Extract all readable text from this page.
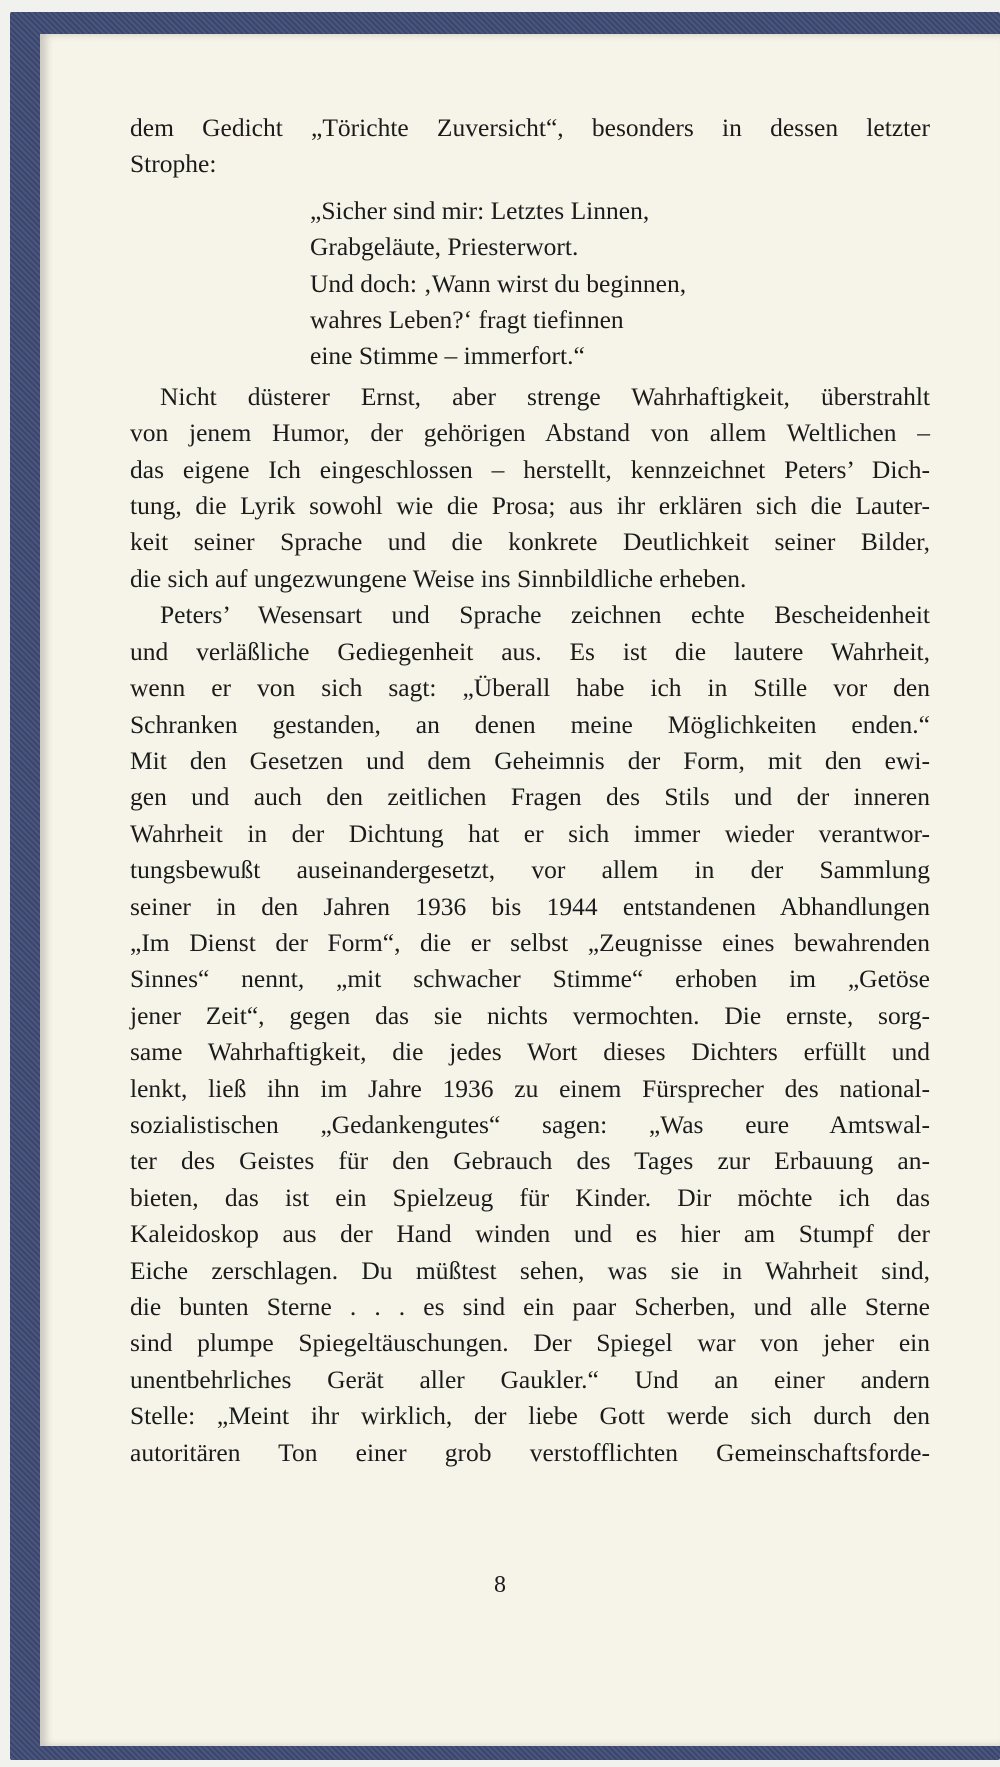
dem Gedicht „Törichte Zuversicht“, besonders in dessen letzter
Strophe:
„Sicher sind mir: Letztes Linnen,
Grabgeläute, Priesterwort.
Und doch: ‚Wann wirst du beginnen,
wahres Leben?‘ fragt tiefinnen
eine Stimme – immerfort.“
Nicht düsterer Ernst, aber strenge Wahrhaftigkeit, überstrahlt
von jenem Humor, der gehörigen Abstand von allem Weltlichen –
das eigene Ich eingeschlossen – herstellt, kennzeichnet Peters’ Dich-
tung, die Lyrik sowohl wie die Prosa; aus ihr erklären sich die Lauter-
keit seiner Sprache und die konkrete Deutlichkeit seiner Bilder,
die sich auf ungezwungene Weise ins Sinnbildliche erheben.
Peters’ Wesensart und Sprache zeichnen echte Bescheidenheit
und verläßliche Gediegenheit aus. Es ist die lautere Wahrheit,
wenn er von sich sagt: „Überall habe ich in Stille vor den
Schranken gestanden, an denen meine Möglichkeiten enden.“
Mit den Gesetzen und dem Geheimnis der Form, mit den ewi-
gen und auch den zeitlichen Fragen des Stils und der inneren
Wahrheit in der Dichtung hat er sich immer wieder verantwor-
tungsbewußt auseinandergesetzt, vor allem in der Sammlung
seiner in den Jahren 1936 bis 1944 entstandenen Abhandlungen
„Im Dienst der Form“, die er selbst „Zeugnisse eines bewahrenden
Sinnes“ nennt, „mit schwacher Stimme“ erhoben im „Getöse
jener Zeit“, gegen das sie nichts vermochten. Die ernste, sorg-
same Wahrhaftigkeit, die jedes Wort dieses Dichters erfüllt und
lenkt, ließ ihn im Jahre 1936 zu einem Fürsprecher des national-
sozialistischen „Gedankengutes“ sagen: „Was eure Amtswal-
ter des Geistes für den Gebrauch des Tages zur Erbauung an-
bieten, das ist ein Spielzeug für Kinder. Dir möchte ich das
Kaleidoskop aus der Hand winden und es hier am Stumpf der
Eiche zerschlagen. Du müßtest sehen, was sie in Wahrheit sind,
die bunten Sterne . . . es sind ein paar Scherben, und alle Sterne
sind plumpe Spiegeltäuschungen. Der Spiegel war von jeher ein
unentbehrliches Gerät aller Gaukler.“ Und an einer andern
Stelle: „Meint ihr wirklich, der liebe Gott werde sich durch den
autoritären Ton einer grob verstofflichten Gemeinschaftsforde-
8
